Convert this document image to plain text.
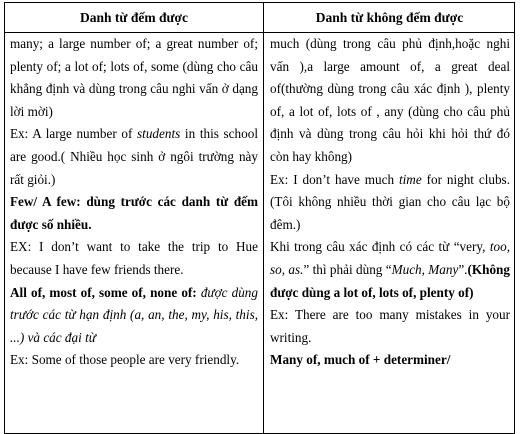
Danh từ đếm được	Danh từ không đếm được

many; a large number of; a great number of; plenty of; a lot of; lots of, some (dùng cho câu khẳng định và dùng trong câu nghi vấn ở dạng lời mời)

Ex: A large number of students in this school are good.( Nhiều học sinh ở ngôi trường này rất giỏi.)

Few/ A few: dùng trước các danh từ đếm được số nhiều.

EX: I don’t want to take the trip to Hue because I have few friends there.

All of, most of, some of, none of: được dùng trước các từ hạn định (a, an, the, my, his, this, ...) và các đại từ

Ex: Some of those people are very friendly.

much (dùng trong câu phủ định,hoặc nghi vấn ),a large amount of, a great deal of(thường dùng trong câu xác định ), plenty of, a lot of, lots of , any (dùng cho câu phủ định và dùng trong câu hỏi khi hỏi thứ đó còn hay không)

Ex: I don’t have much time for night clubs. (Tôi không nhiều thời gian cho câu lạc bộ đêm.)

Khi trong câu xác định có các từ “very, too, so, as.” thì phải dùng “Much, Many”.(Không được dùng a lot of, lots of, plenty of)

Ex: There are too many mistakes in your writing.

Many of, much of + determiner/
